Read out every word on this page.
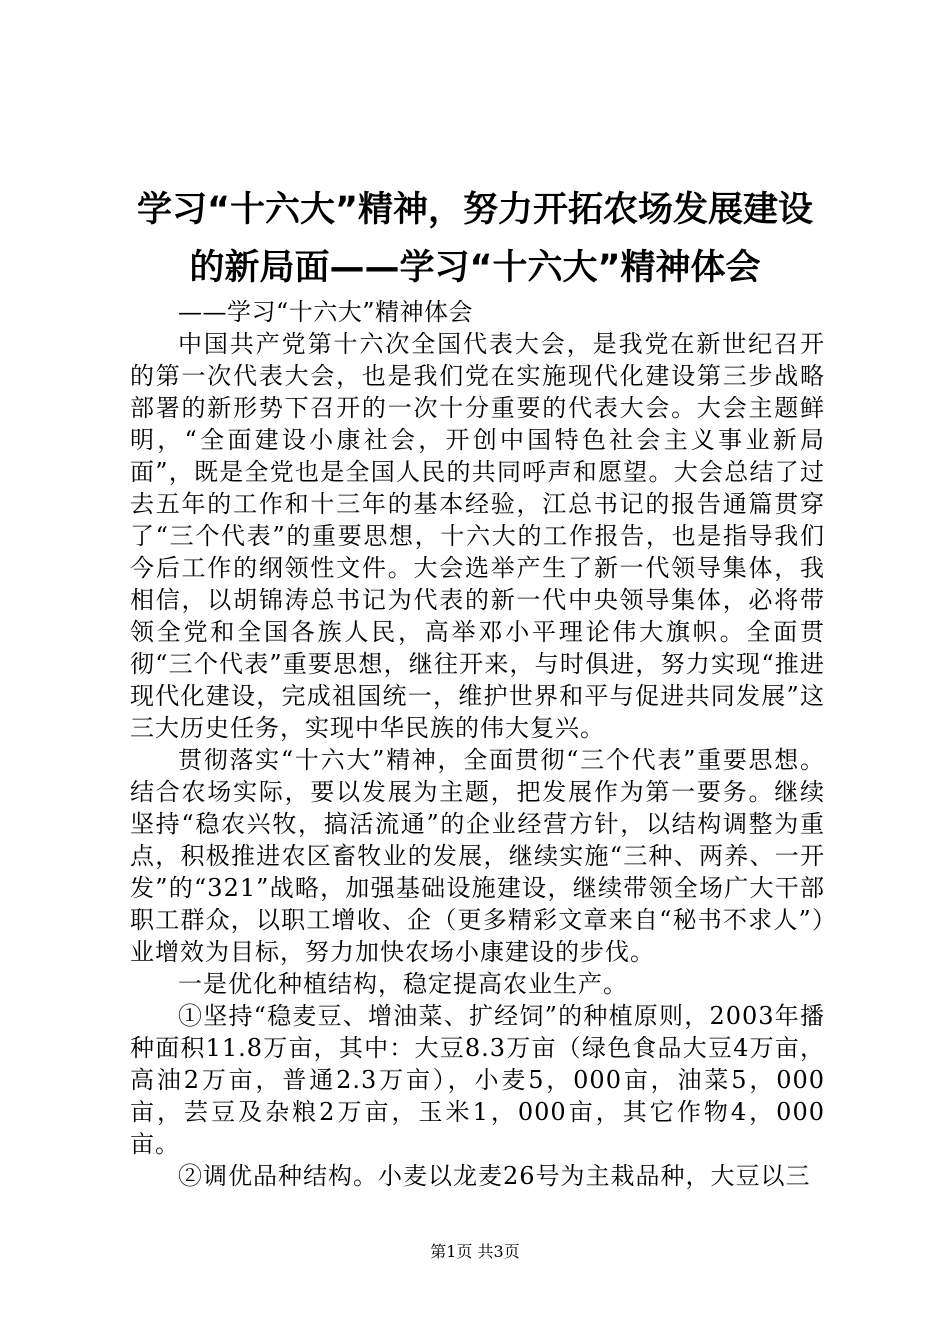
学习“十六大”精神，努力开拓农场发展建设
的新局面——学习“十六大”精神体会

——学习“十六大”精神体会

中国共产党第十六次全国代表大会，是我党在新世纪召开的第一次代表大会，也是我们党在实施现代化建设第三步战略部署的新形势下召开的一次十分重要的代表大会。大会主题鲜明，“全面建设小康社会，开创中国特色社会主义事业新局面”，既是全党也是全国人民的共同呼声和愿望。大会总结了过去五年的工作和十三年的基本经验，江总书记的报告通篇贯穿了“三个代表”的重要思想，十六大的工作报告，也是指导我们今后工作的纲领性文件。大会选举产生了新一代领导集体，我相信，以胡锦涛总书记为代表的新一代中央领导集体，必将带领全党和全国各族人民，高举邓小平理论伟大旗帜。全面贯彻“三个代表”重要思想，继往开来，与时俱进，努力实现“推进现代化建设，完成祖国统一，维护世界和平与促进共同发展”这三大历史任务，实现中华民族的伟大复兴。

贯彻落实“十六大”精神，全面贯彻“三个代表”重要思想。结合农场实际，要以发展为主题，把发展作为第一要务。继续坚持“稳农兴牧，搞活流通”的企业经营方针，以结构调整为重点，积极推进农区畜牧业的发展，继续实施“三种、两养、一开发”的“321”战略，加强基础设施建设，继续带领全场广大干部职工群众，以职工增收、企（更多精彩文章来自“秘书不求人”）业增效为目标，努力加快农场小康建设的步伐。

一是优化种植结构，稳定提高农业生产。

①坚持“稳麦豆、增油菜、扩经饲”的种植原则，2003年播种面积11.8万亩，其中：大豆8.3万亩（绿色食品大豆4万亩，高油2万亩，普通2.3万亩），小麦5，000亩，油菜5，000亩，芸豆及杂粮2万亩，玉米1，000亩，其它作物4，000亩。

②调优品种结构。小麦以龙麦26号为主栽品种，大豆以三

第1页 共3页
